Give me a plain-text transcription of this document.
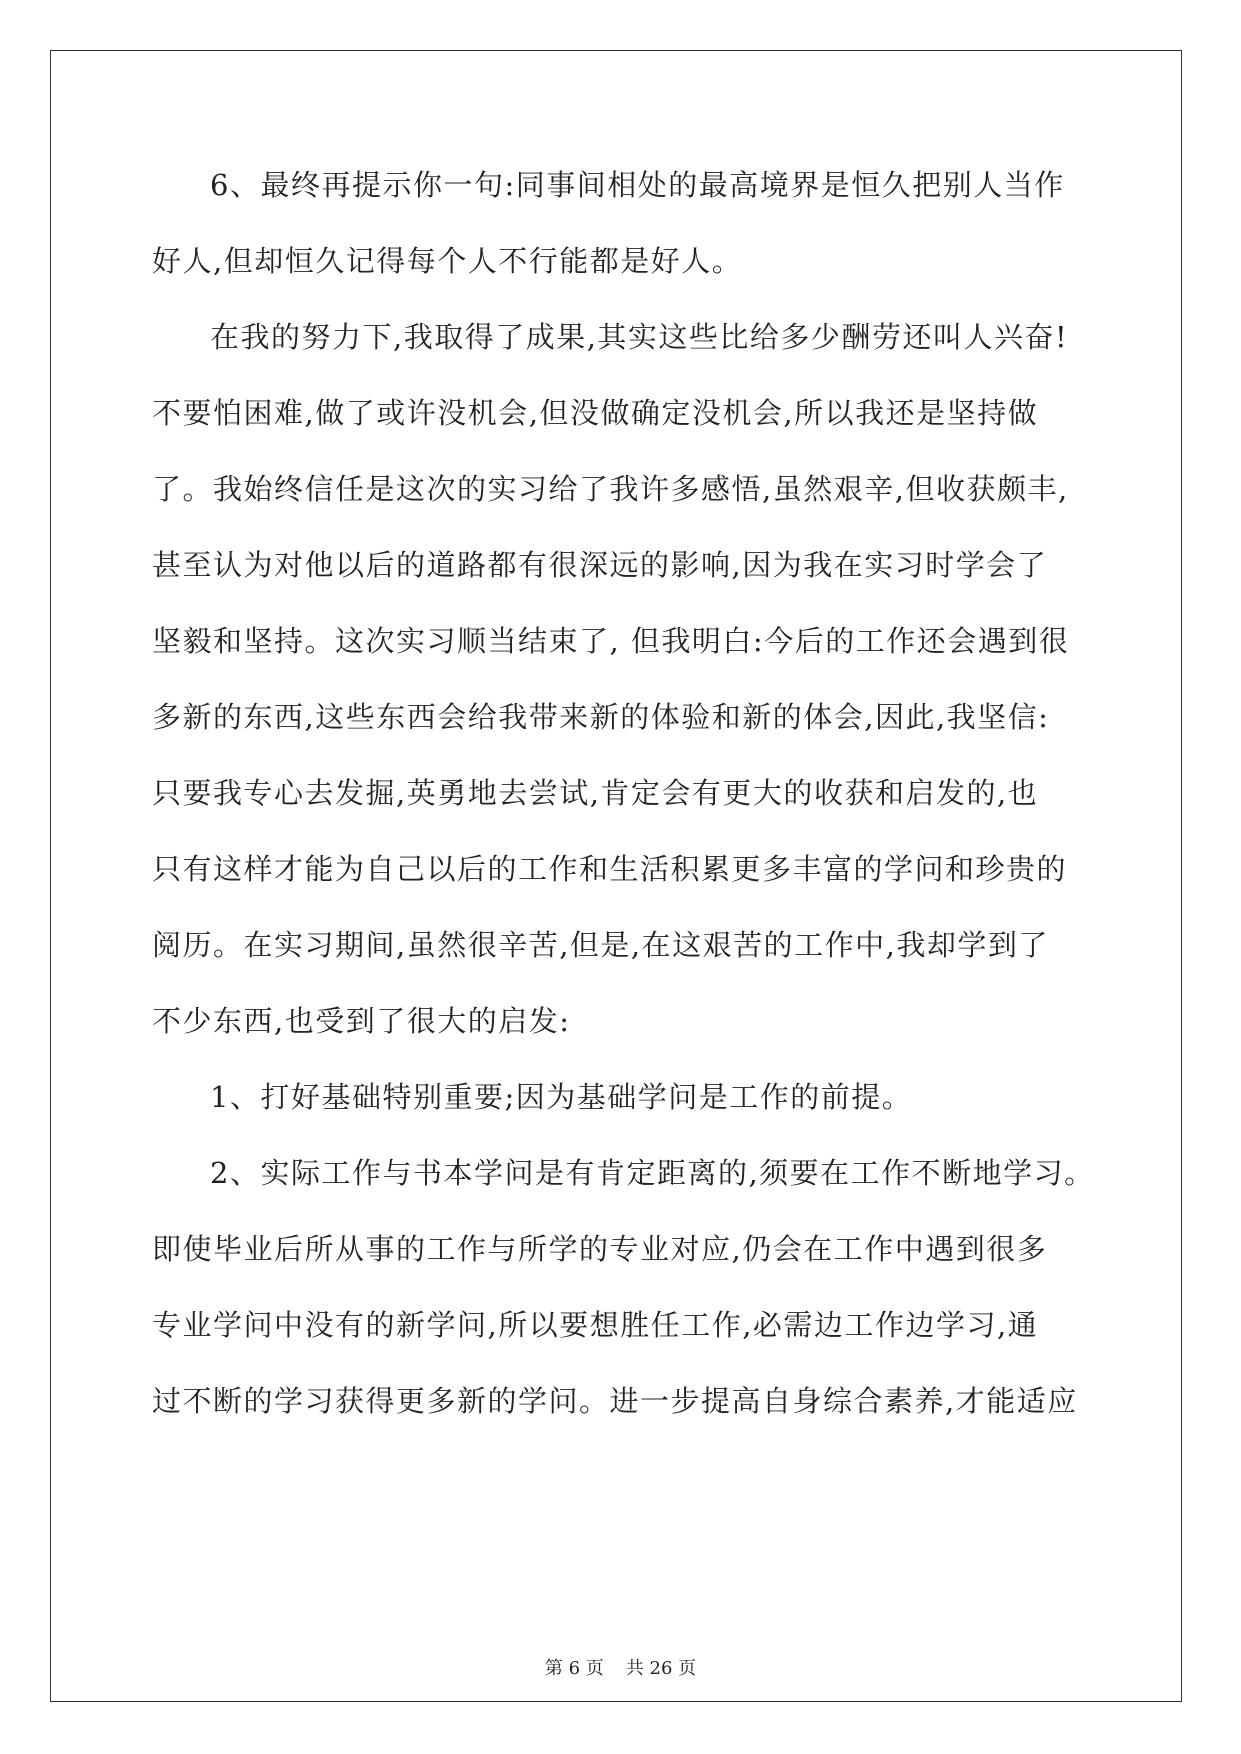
6、最终再提示你一句:同事间相处的最高境界是恒久把别人当作
好人,但却恒久记得每个人不行能都是好人。
在我的努力下,我取得了成果,其实这些比给多少酬劳还叫人兴奋!
不要怕困难,做了或许没机会,但没做确定没机会,所以我还是坚持做
了。我始终信任是这次的实习给了我许多感悟,虽然艰辛,但收获颇丰,
甚至认为对他以后的道路都有很深远的影响,因为我在实习时学会了
坚毅和坚持。这次实习顺当结束了, 但我明白:今后的工作还会遇到很
多新的东西,这些东西会给我带来新的体验和新的体会,因此,我坚信:
只要我专心去发掘,英勇地去尝试,肯定会有更大的收获和启发的,也
只有这样才能为自己以后的工作和生活积累更多丰富的学问和珍贵的
阅历。在实习期间,虽然很辛苦,但是,在这艰苦的工作中,我却学到了
不少东西,也受到了很大的启发:
1、打好基础特别重要;因为基础学问是工作的前提。
2、实际工作与书本学问是有肯定距离的,须要在工作不断地学习。
即使毕业后所从事的工作与所学的专业对应,仍会在工作中遇到很多
专业学问中没有的新学问,所以要想胜任工作,必需边工作边学习,通
过不断的学习获得更多新的学问。进一步提高自身综合素养,才能适应
第 6 页 共 26 页
